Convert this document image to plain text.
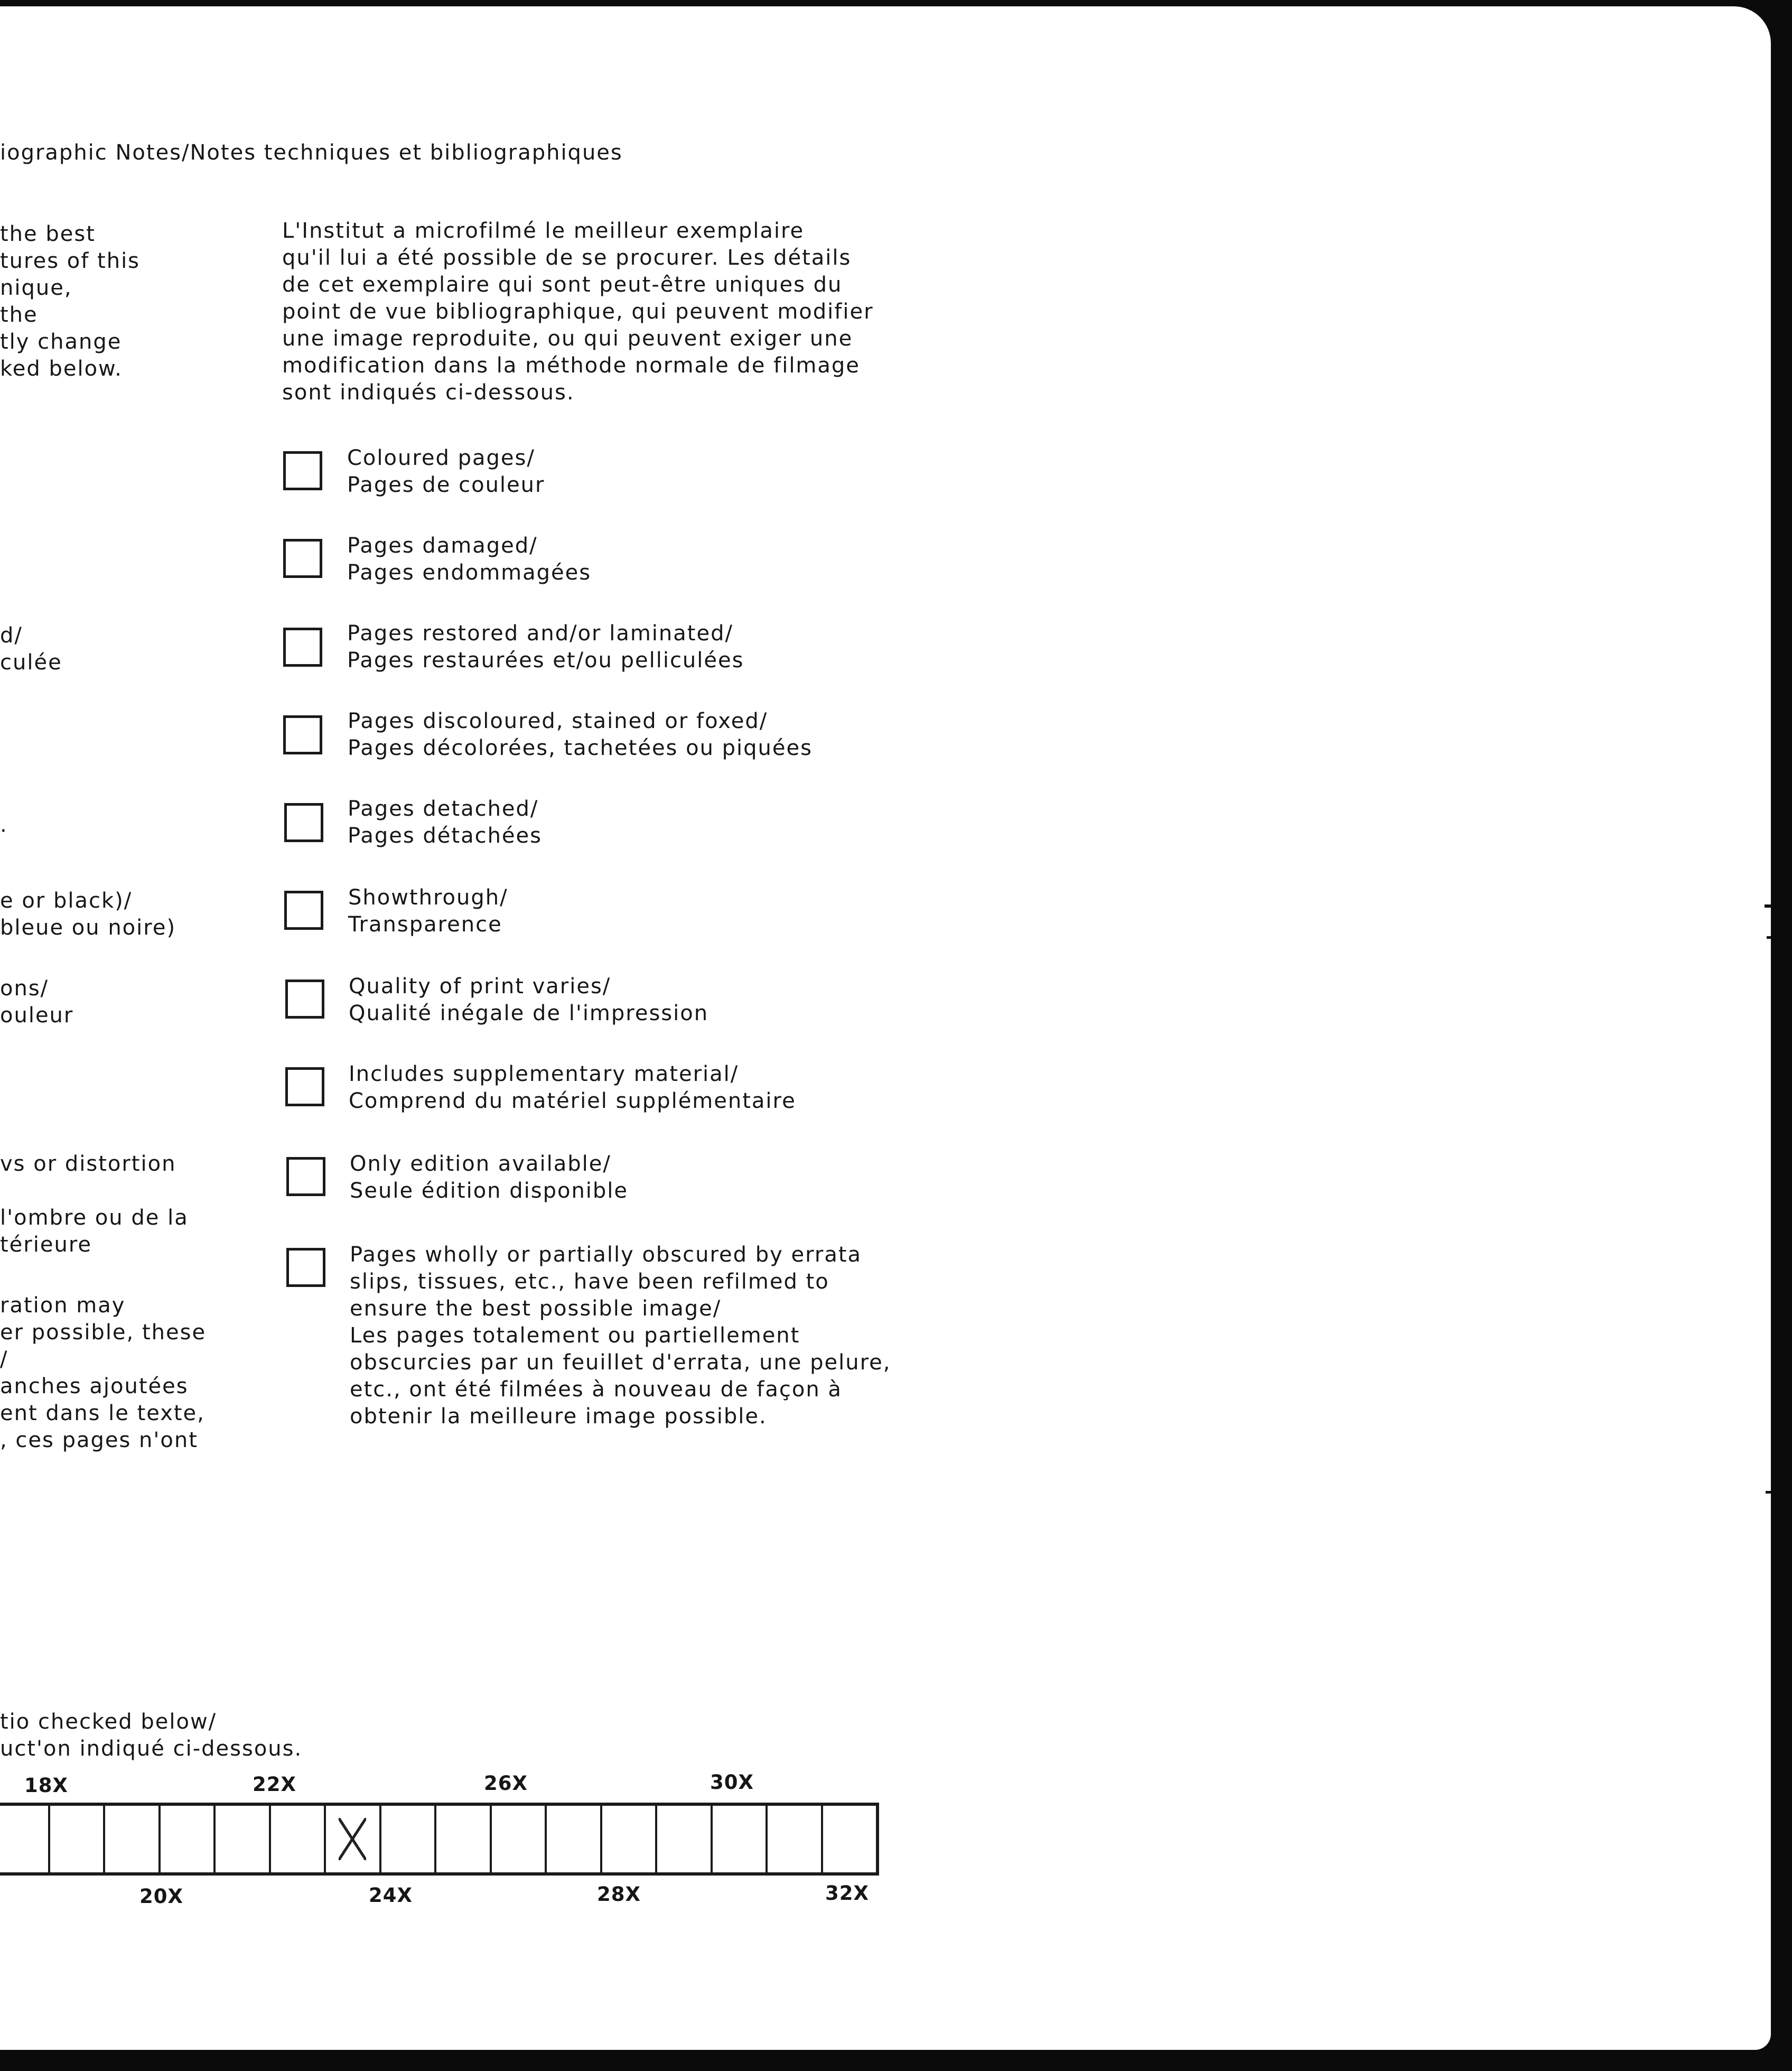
iographic Notes/Notes techniques et bibliographiques
the best
tures of this
nique,
the
tly change
ked below.
d/
culée
·
e or black)/
bleue ou noire)
ons/
ouleur
vs or distortion
l'ombre ou de la
térieure
ration may
er possible, these
/
anches ajoutées
ent dans le texte,
, ces pages n'ont
L'Institut a microfilmé le meilleur exemplaire
qu'il lui a été possible de se procurer. Les détails
de cet exemplaire qui sont peut-être uniques du
point de vue bibliographique, qui peuvent modifier
une image reproduite, ou qui peuvent exiger une
modification dans la méthode normale de filmage
sont indiqués ci-dessous.
Coloured pages/
Pages de couleur
Pages damaged/
Pages endommagées
Pages restored and/or laminated/
Pages restaurées et/ou pelliculées
Pages discoloured, stained or foxed/
Pages décolorées, tachetées ou piquées
Pages detached/
Pages détachées
Showthrough/
Transparence
Quality of print varies/
Qualité inégale de l'impression
Includes supplementary material/
Comprend du matériel supplémentaire
Only edition available/
Seule édition disponible
Pages wholly or partially obscured by errata
slips, tissues, etc., have been refilmed to
ensure the best possible image/
Les pages totalement ou partiellement
obscurcies par un feuillet d'errata, une pelure,
etc., ont été filmées à nouveau de façon à
obtenir la meilleure image possible.
tio checked below/
uct'on indiqué ci-dessous.
18X	22X	26X	30X
20X	24X	28X	32X
